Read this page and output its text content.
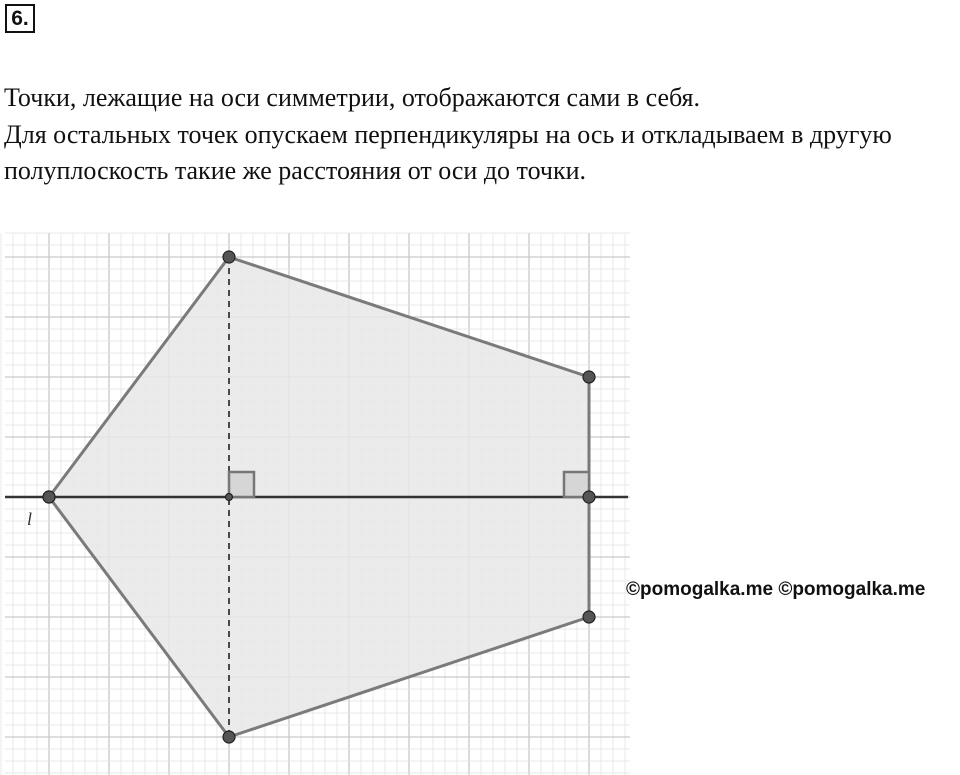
6.
Точки, лежащие на оси симметрии, отображаются сами в себя.
Для остальных точек опускаем перпендикуляры на ось и откладываем в другую
полуплоскость такие же расстояния от оси до точки.
l
©pomogalka.me ©pomogalka.me
